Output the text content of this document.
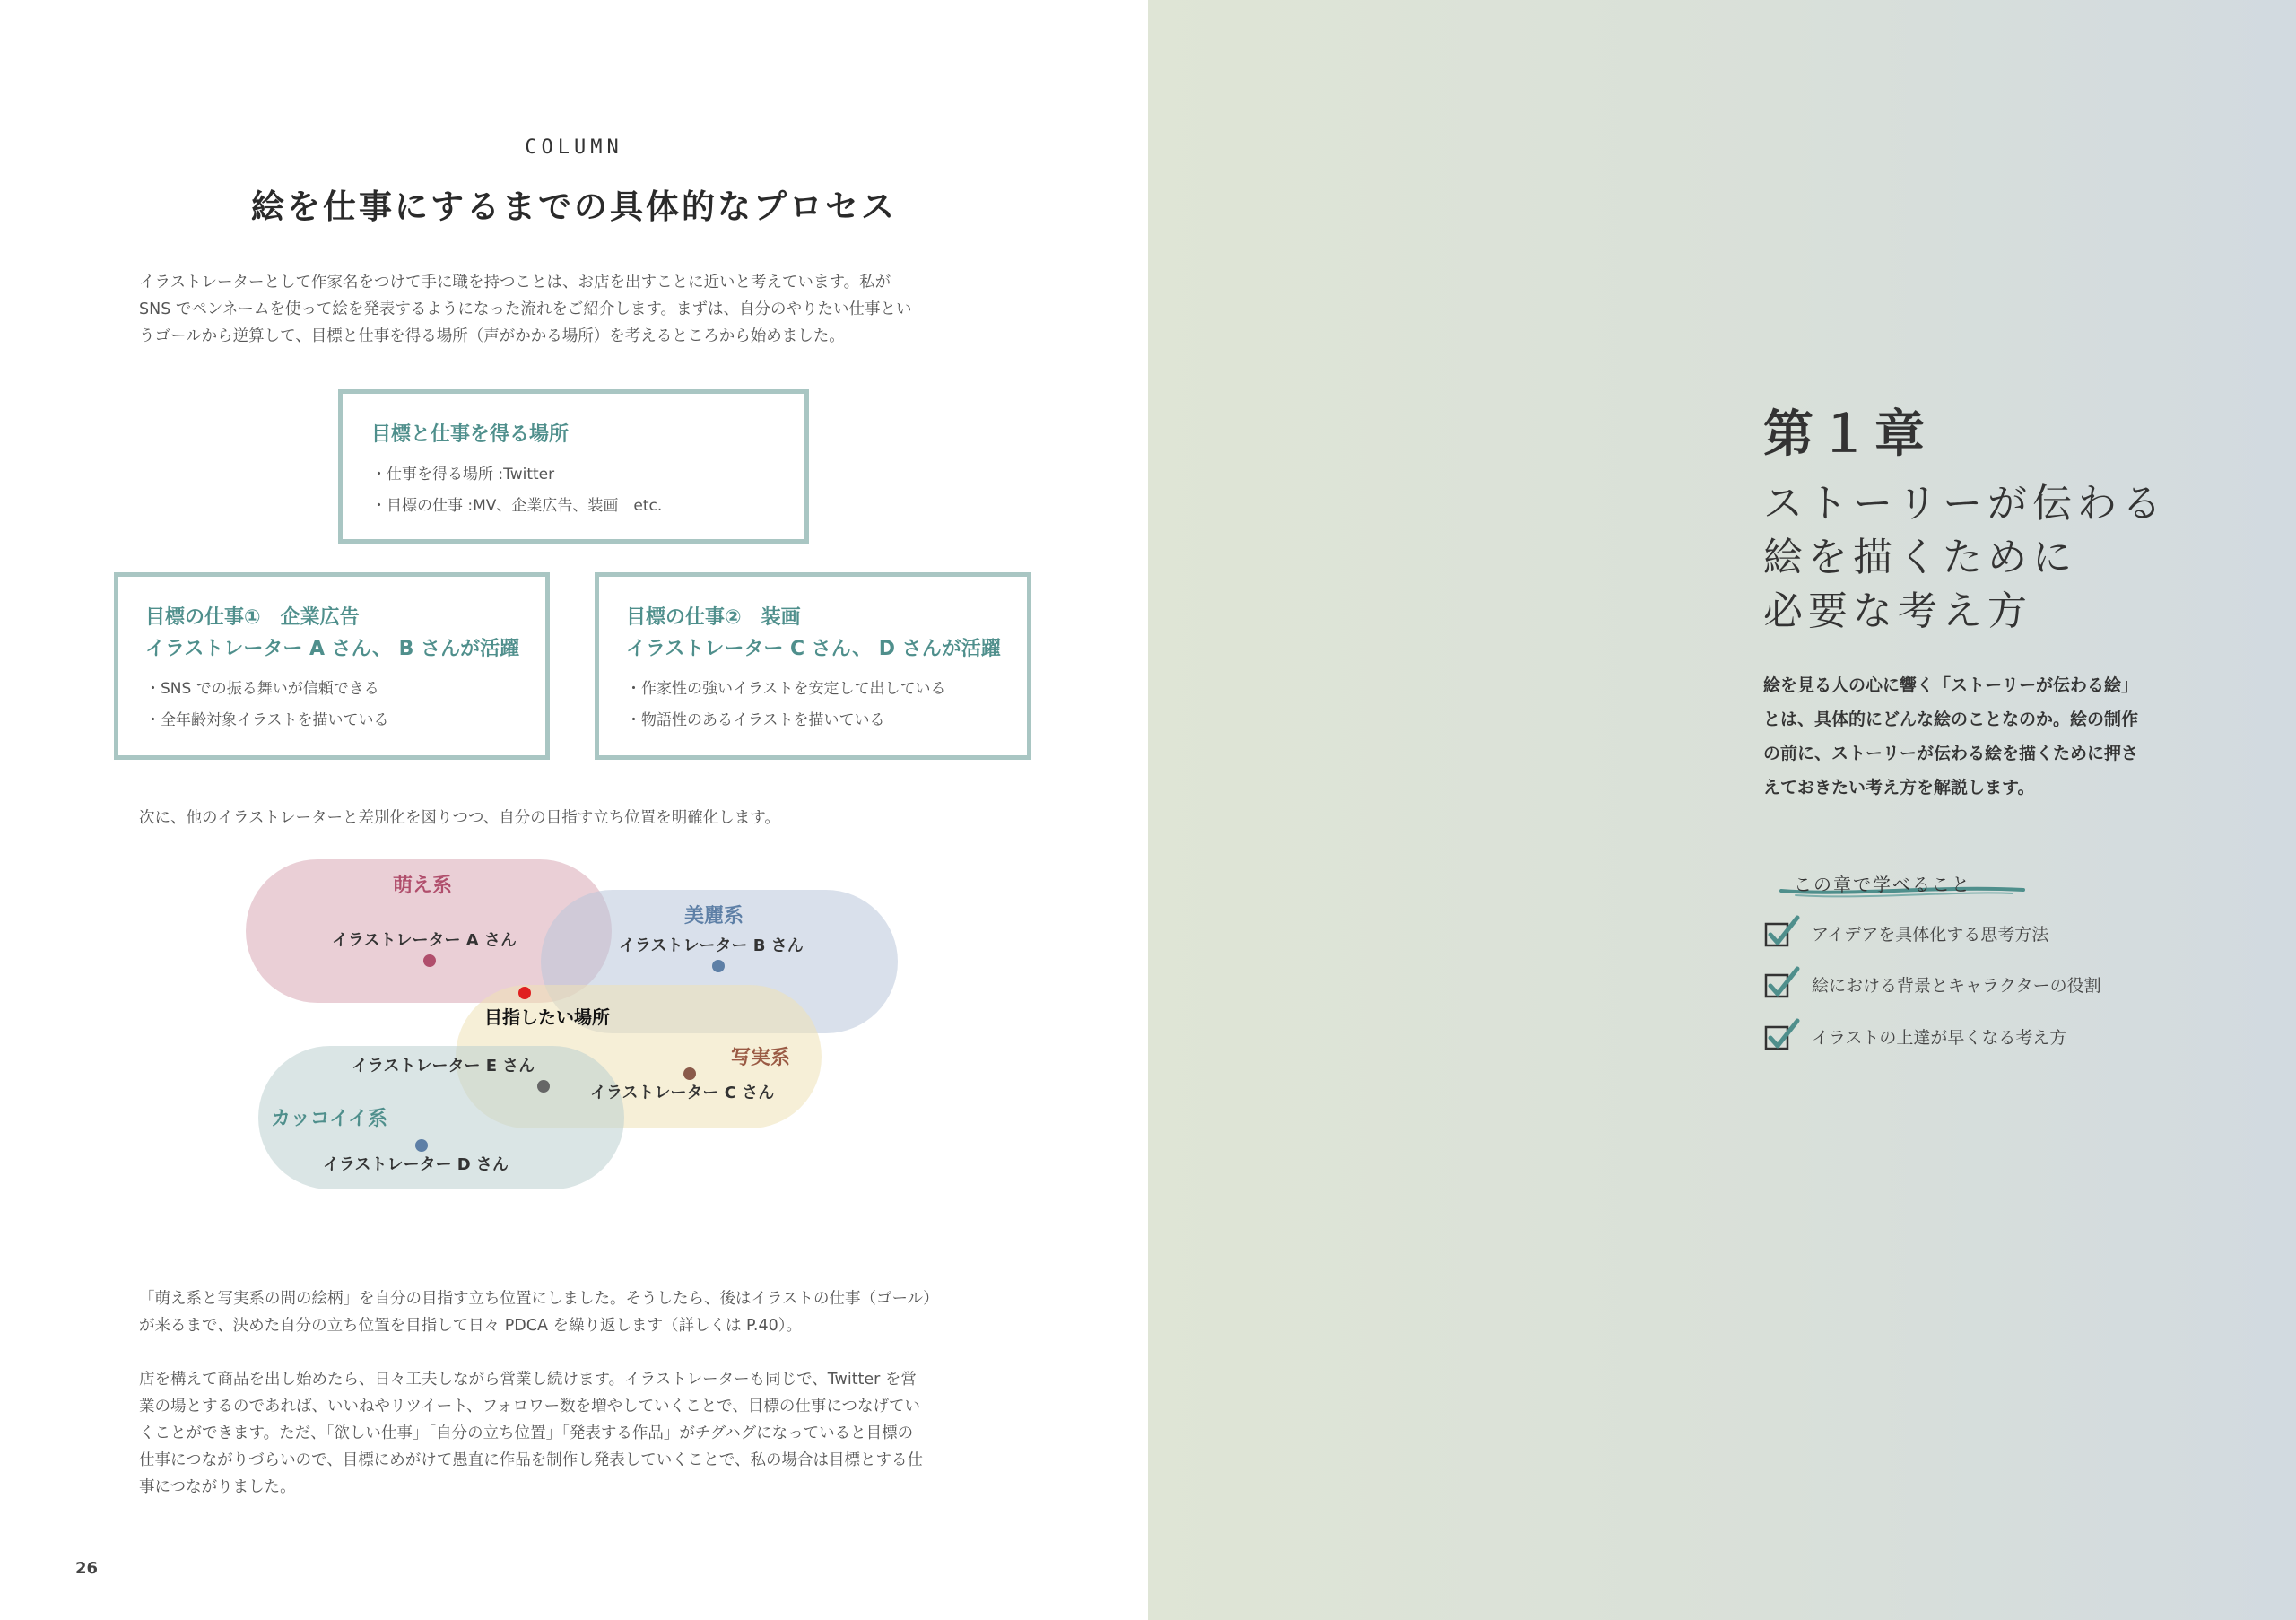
COLUMN
絵を仕事にするまでの具体的なプロセス
イラストレーターとして作家名をつけて手に職を持つことは、お店を出すことに近いと考えています。私が
SNS でペンネームを使って絵を発表するようになった流れをご紹介します。まずは、自分のやりたい仕事とい
うゴールから逆算して、目標と仕事を得る場所（声がかかる場所）を考えるところから始めました。
目標と仕事を得る場所
・仕事を得る場所 :Twitter
・目標の仕事 :MV、企業広告、装画　etc.
目標の仕事①　企業広告
イラストレーター A さん、 B さんが活躍
・SNS での振る舞いが信頼できる
・全年齢対象イラストを描いている
目標の仕事②　装画
イラストレーター C さん、 D さんが活躍
・作家性の強いイラストを安定して出している
・物語性のあるイラストを描いている
次に、他のイラストレーターと差別化を図りつつ、自分の目指す立ち位置を明確化します。
萌え系
美麗系
写実系
カッコイイ系
イラストレーター A さん	イラストレーター B さん
目指したい場所
イラストレーター E さん
イラストレーター C さん
イラストレーター D さん
「萌え系と写実系の間の絵柄」を自分の目指す立ち位置にしました。そうしたら、後はイラストの仕事（ゴール）
が来るまで、決めた自分の立ち位置を目指して日々 PDCA を繰り返します（詳しくは P.40）。
店を構えて商品を出し始めたら、日々工夫しながら営業し続けます。イラストレーターも同じで、Twitter を営
業の場とするのであれば、いいねやリツイート、フォロワー数を増やしていくことで、目標の仕事につなげてい
くことができます。ただ、「欲しい仕事」「自分の立ち位置」「発表する作品」がチグハグになっていると目標の
仕事につながりづらいので、目標にめがけて愚直に作品を制作し発表していくことで、私の場合は目標とする仕
事につながりました。
26
第１章
ストーリーが伝わる
絵を描くために
必要な考え方
絵を見る人の心に響く「ストーリーが伝わる絵」
とは、具体的にどんな絵のことなのか。絵の制作
の前に、ストーリーが伝わる絵を描くために押さ
えておきたい考え方を解説します。
この章で学べること
アイデアを具体化する思考方法
絵における背景とキャラクターの役割
イラストの上達が早くなる考え方
